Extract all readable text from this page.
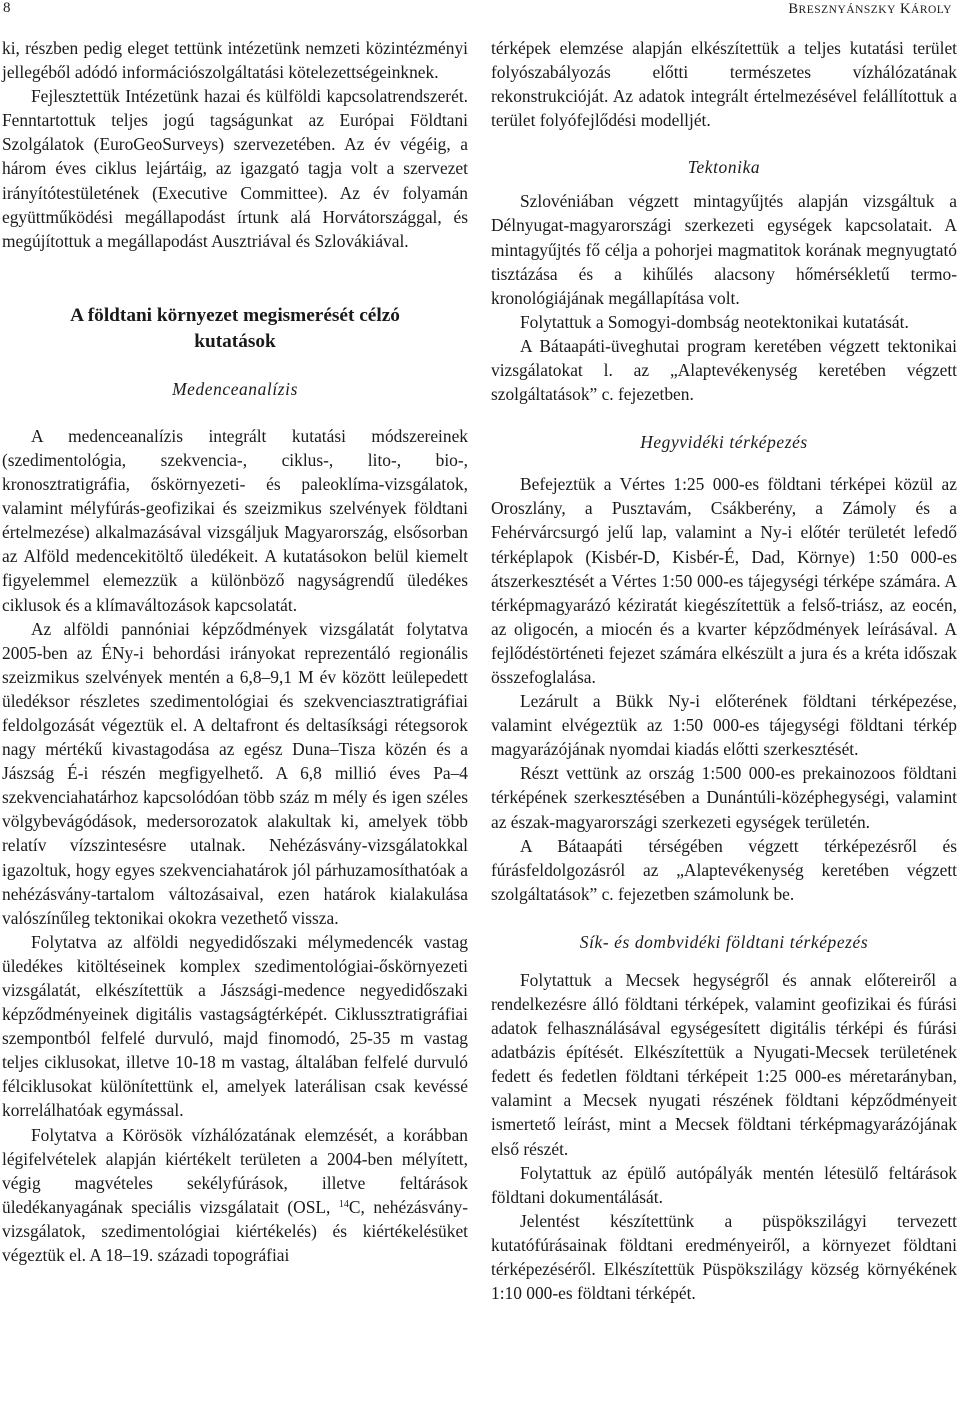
8	BRESZNYÁNSZKY KÁROLY

ki, részben pedig eleget tettünk intézetünk nemzeti közintézményi jellegéből adódó információszolgáltatási kötelezettségeinknek.

Fejlesztettük Intézetünk hazai és külföldi kapcsolatrendszerét. Fenntartottuk teljes jogú tagságunkat az Európai Földtani Szolgálatok (EuroGeoSurveys) szervezetében. Az év végéig, a három éves ciklus lejártáig, az igazgató tagja volt a szervezet irányítótestületének (Executive Committee). Az év folyamán együttműködési megállapodást írtunk alá Horvátországgal, és megújítottuk a megállapodást Ausztriával és Szlovákiával.

A földtani környezet megismerését célzó
kutatások
Medenceanalízis

A medenceanalízis integrált kutatási módszereinek (szedimentológia, szekvencia-, ciklus-, lito-, bio-, kronosztratigráfia, őskörnyezeti- és paleoklíma-vizsgálatok, valamint mélyfúrás-geofizikai és szeizmikus szelvények földtani értelmezése) alkalmazásával vizsgáljuk Magyarország, elsősorban az Alföld medencekitöltő üledékeit. A kutatásokon belül kiemelt figyelemmel elemezzük a különböző nagyságrendű üledékes ciklusok és a klímaváltozások kapcsolatát.

Az alföldi pannóniai képződmények vizsgálatát folytatva 2005-ben az ÉNy-i behordási irányokat reprezentáló regionális szeizmikus szelvények mentén a 6,8–9,1 M év között leülepedett üledéksor részletes szedimentológiai és szekvenciasztratigráfiai feldolgozását végeztük el. A deltafront és deltasíksági rétegsorok nagy mértékű kivastagodása az egész Duna–Tisza közén és a Jászság É-i részén megfigyelhető. A 6,8 millió éves Pa–4 szekvenciahatárhoz kapcsolódóan több száz m mély és igen széles völgybevágódások, medersorozatok alakultak ki, amelyek több relatív vízszintesésre utalnak. Nehézásvány-vizsgálatokkal igazoltuk, hogy egyes szekvenciahatárok jól párhuzamosíthatóak a nehézásvány-tartalom változásaival, ezen határok kialakulása valószínűleg tektonikai okokra vezethető vissza.

Folytatva az alföldi negyedidőszaki mélymedencék vastag üledékes kitöltéseinek komplex szedimentológiai-őskörnyezeti vizsgálatát, elkészítettük a Jászsági-medence negyedidőszaki képződményeinek digitális vastagságtérképét. Ciklussztratigráfiai szempontból felfelé durvuló, majd finomodó, 25-35 m vastag teljes ciklusokat, illetve 10-18 m vastag, általában felfelé durvuló félciklusokat különítettünk el, amelyek laterálisan csak kevéssé korrelálhatóak egymással.

Folytatva a Körösök vízhálózatának elemzését, a korábban légifelvételek alapján kiértékelt területen a 2004-ben mélyített, végig magvételes sekélyfúrások, illetve feltárások üledékanyagának speciális vizsgálatait (OSL, $^{14}$C, nehézásvány-vizsgálatok, szedimentológiai kiértékelés) és kiértékelésüket végeztük el. A 18–19. századi topográfiai

térképek elemzése alapján elkészítettük a teljes kutatási terület folyószabályozás előtti természetes vízhálózatának rekonstrukcióját. Az adatok integrált értelmezésével felállítottuk a terület folyófejlődési modelljét.

Tektonika

Szlovéniában végzett mintagyűjtés alapján vizsgáltuk a Délnyugat-magyarországi szerkezeti egységek kapcsolatait. A mintagyűjtés fő célja a pohorjei magmatitok korának megnyugtató tisztázása és a kihűlés alacsony hőmérsékletű termo-kronológiájának megállapítása volt.

Folytattuk a Somogyi-dombság neotektonikai kutatását.

A Bátaapáti-üveghutai program keretében végzett tektonikai vizsgálatokat l. az „Alaptevékenység keretében végzett szolgáltatások” c. fejezetben.

Hegyvidéki térképezés

Befejeztük a Vértes 1:25 000-es földtani térképei közül az Oroszlány, a Pusztavám, Csákberény, a Zámoly és a Fehérvárcsurgó jelű lap, valamint a Ny-i előtér területét lefedő térképlapok (Kisbér-D, Kisbér-É, Dad, Környe) 1:50 000-es átszerkesztését a Vértes 1:50 000-es tájegységi térképe számára. A térképmagyarázó kéziratát kiegészítettük a felső-triász, az eocén, az oligocén, a miocén és a kvarter képződmények leírásával. A fejlődéstörténeti fejezet számára elkészült a jura és a kréta időszak összefoglalása.

Lezárult a Bükk Ny-i előterének földtani térképezése, valamint elvégeztük az 1:50 000-es tájegységi földtani térkép magyarázójának nyomdai kiadás előtti szerkesztését.

Részt vettünk az ország 1:500 000-es prekainozoos földtani térképének szerkesztésében a Dunántúli-középhegységi, valamint az észak-magyarországi szerkezeti egységek területén.

A Bátaapáti térségében végzett térképezésről és fúrásfeldolgozásról az „Alaptevékenység keretében végzett szolgáltatások” c. fejezetben számolunk be.

Sík- és dombvidéki földtani térképezés

Folytattuk a Mecsek hegységről és annak előtereiről a rendelkezésre álló földtani térképek, valamint geofizikai és fúrási adatok felhasználásával egységesített digitális térképi és fúrási adatbázis építését. Elkészítettük a Nyugati-Mecsek területének fedett és fedetlen földtani térképeit 1:25 000-es méretarányban, valamint a Mecsek nyugati részének földtani képződményeit ismertető leírást, mint a Mecsek földtani térképmagyarázójának első részét.

Folytattuk az épülő autópályák mentén létesülő feltárások földtani dokumentálását.

Jelentést készítettünk a püspökszilágyi tervezett kutatófúrásainak földtani eredményeiről, a környezet földtani térképezéséről. Elkészítettük Püspökszilágy község környékének 1:10 000-es földtani térképét.
